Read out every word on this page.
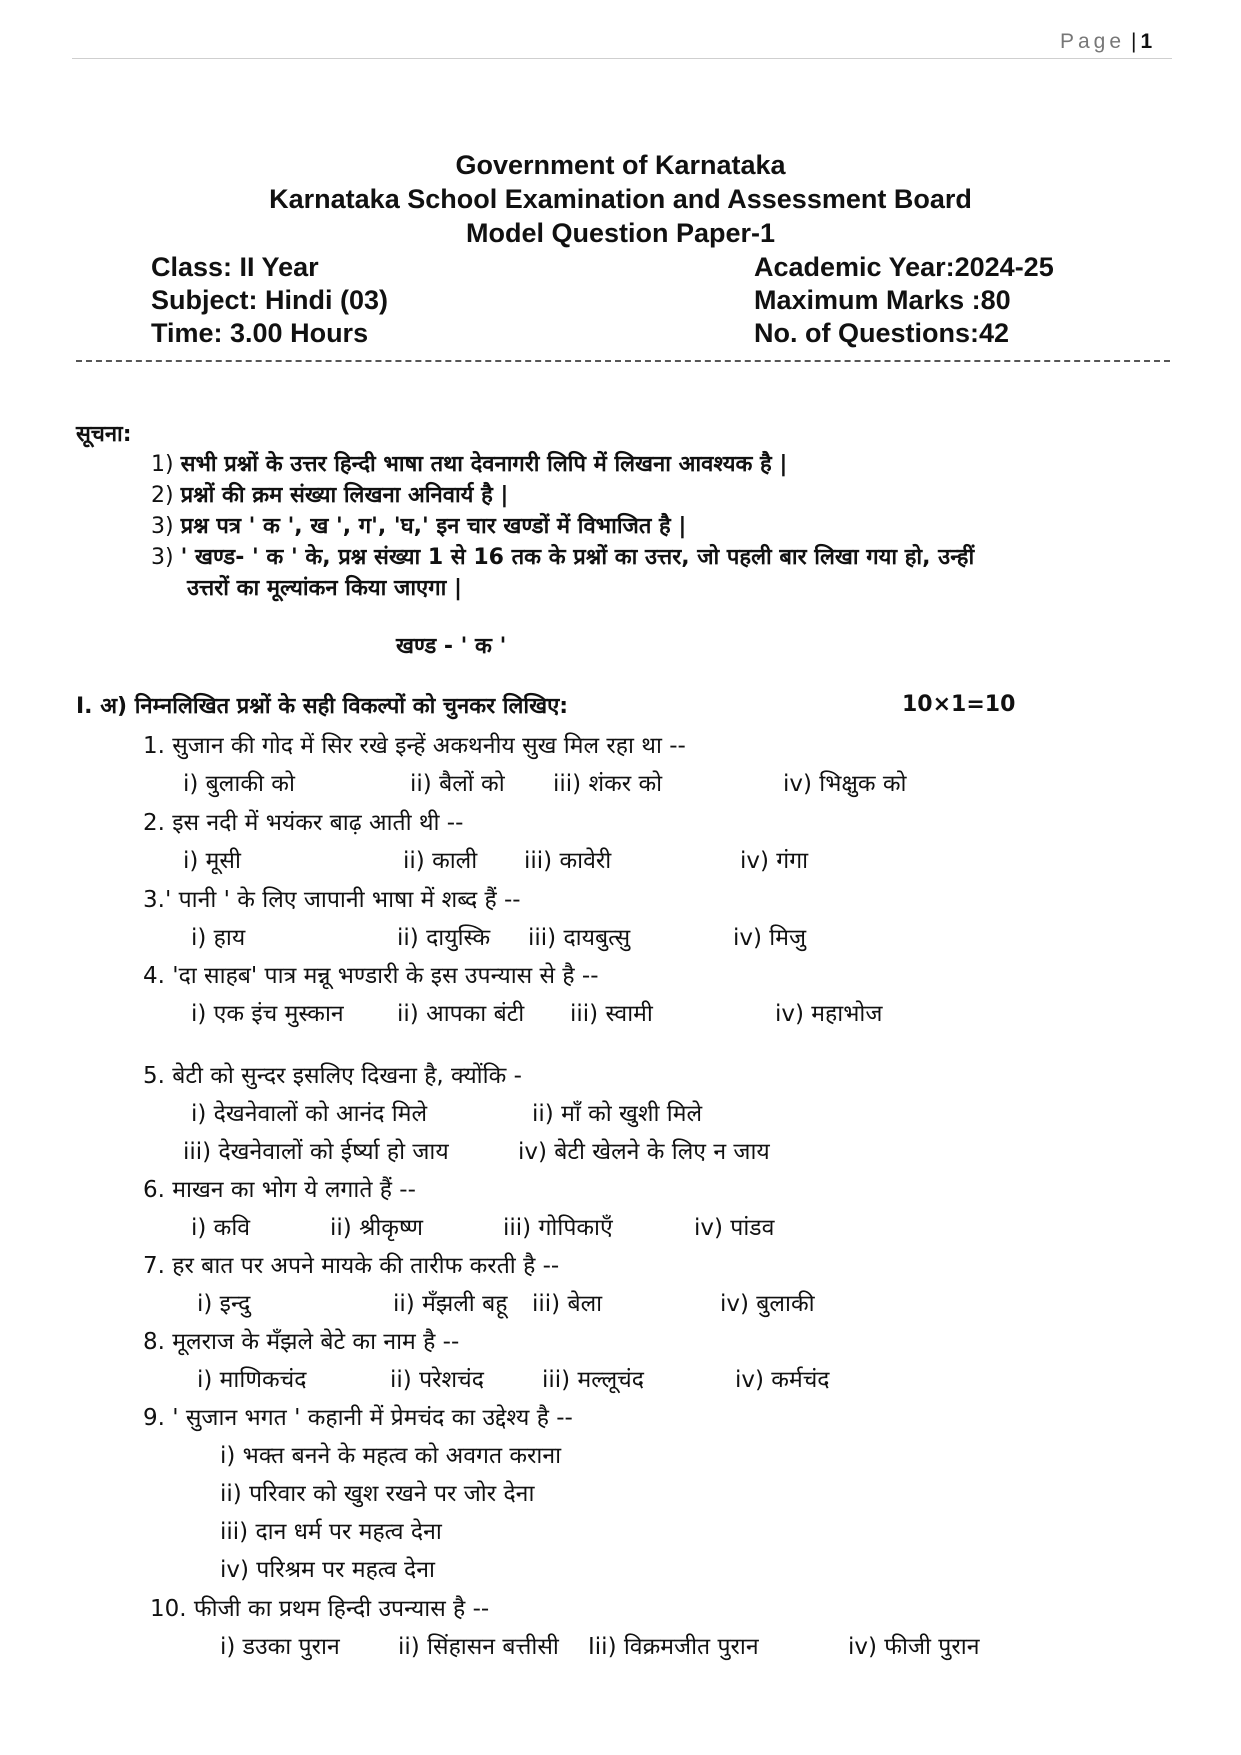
Page | 1
Government of Karnataka
Karnataka School Examination and Assessment Board
Model Question Paper-1
Class: II Year
Subject: Hindi (03)
Time: 3.00 Hours
Academic Year:2024-25
Maximum Marks :80
No. of Questions:42
सूचना:
1) सभी प्रश्नों के उत्तर हिन्दी भाषा तथा देवनागरी लिपि में लिखना आवश्यक है |
2) प्रश्नों की क्रम संख्या लिखना अनिवार्य है |
3) प्रश्न पत्र ' क ', ख ', ग', 'घ,' इन चार खण्डों में विभाजित है |
3) ' खण्ड- ' क ' के, प्रश्न संख्या 1 से 16 तक के प्रश्नों का उत्तर, जो पहली बार लिखा गया हो, उन्हीं
उत्तरों का मूल्यांकन किया जाएगा |
खण्ड - ' क '
I. अ) निम्नलिखित प्रश्नों के सही विकल्पों को चुनकर लिखिए:	10×1=10
1. सुजान की गोद में सिर रखे इन्हें अकथनीय सुख मिल रहा था --
i) बुलाकी को	ii) बैलों को iii) शंकर को	iv) भिक्षुक को
2. इस नदी में भयंकर बाढ़ आती थी --
i) मूसी	ii) काली iii) कावेरी	iv) गंगा
3.' पानी ' के लिए जापानी भाषा में शब्द हैं --
i) हाय	ii) दायुस्कि iii) दायबुत्सु	iv) मिजु
4. 'दा साहब' पात्र मन्नू भण्डारी के इस उपन्यास से है --
i) एक इंच मुस्कान ii) आपका बंटी iii) स्वामी	iv) महाभोज
5. बेटी को सुन्दर इसलिए दिखना है, क्योंकि -
i) देखनेवालों को आनंद मिले	ii) माँ को खुशी मिले
iii) देखनेवालों को ईर्ष्या हो जाय	iv) बेटी खेलने के लिए न जाय
6. माखन का भोग ये लगाते हैं --
i) कवि	ii) श्रीकृष्ण	iii) गोपिकाएँ	iv) पांडव
7. हर बात पर अपने मायके की तारीफ करती है --
i) इन्दु	ii) मँझली बहू iii) बेला	iv) बुलाकी
8. मूलराज के मँझले बेटे का नाम है --
i) माणिकचंद	ii) परेशचंद	iii) मल्लूचंद	iv) कर्मचंद
9. ' सुजान भगत ' कहानी में प्रेमचंद का उद्देश्य है --
i) भक्त बनने के महत्व को अवगत कराना
ii) परिवार को खुश रखने पर जोर देना
iii) दान धर्म पर महत्व देना
iv) परिश्रम पर महत्व देना
10. फीजी का प्रथम हिन्दी उपन्यास है --
i) डउका पुरान	ii) सिंहासन बत्तीसी Iii) विक्रमजीत पुरान	iv) फीजी पुरान
